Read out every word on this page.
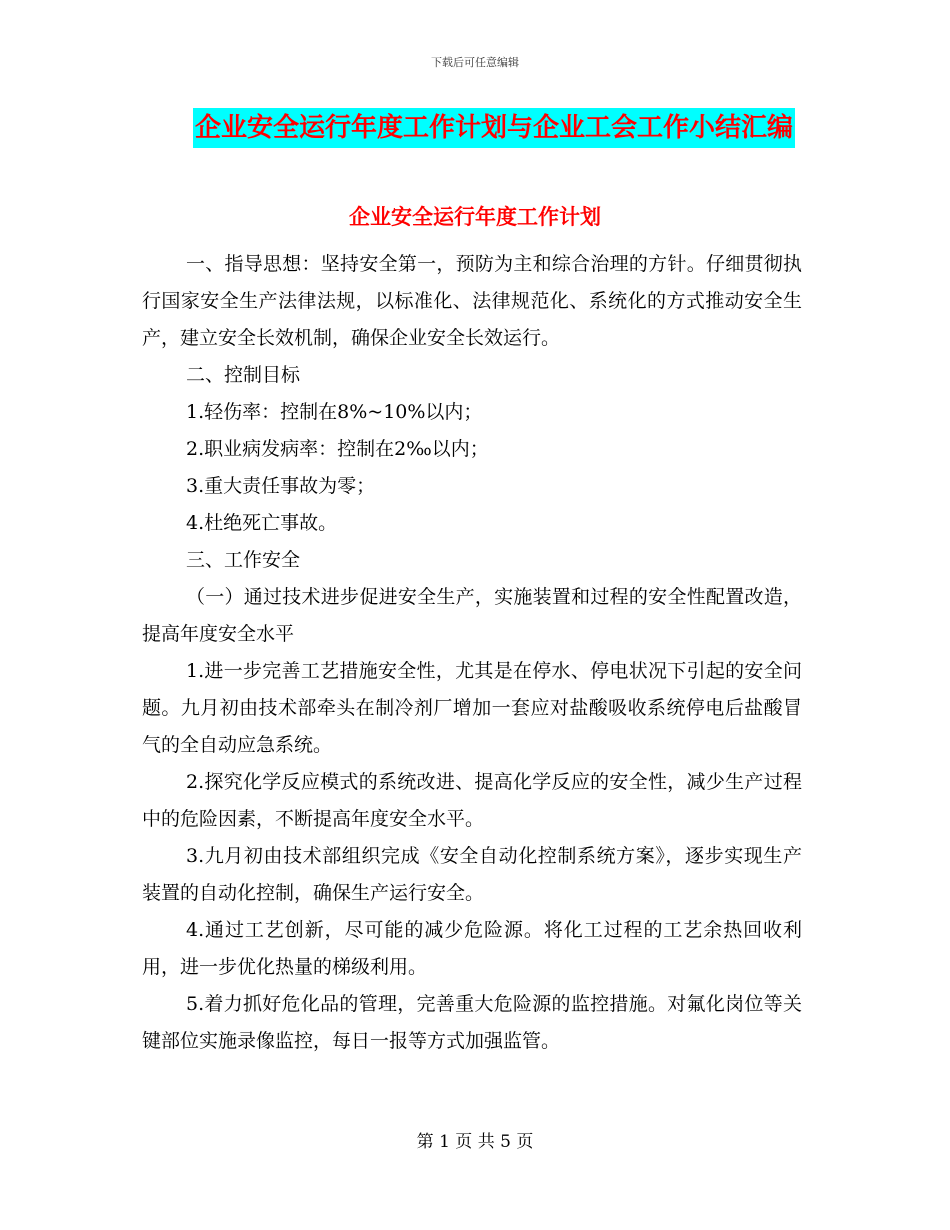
下载后可任意编辑
企业安全运行年度工作计划与企业工会工作小结汇编
企业安全运行年度工作计划

一、指导思想：坚持安全第一，预防为主和综合治理的方针。仔细贯彻执行国家安全生产法律法规，以标准化、法律规范化、系统化的方式推动安全生产，建立安全长效机制，确保企业安全长效运行。

二、控制目标

1.轻伤率：控制在8%~10%以内；

2.职业病发病率：控制在2‰以内；

3.重大责任事故为零；

4.杜绝死亡事故。

三、工作安全

（一）通过技术进步促进安全生产，实施装置和过程的安全性配置改造，提高年度安全水平

1.进一步完善工艺措施安全性，尤其是在停水、停电状况下引起的安全问题。九月初由技术部牵头在制冷剂厂增加一套应对盐酸吸收系统停电后盐酸冒气的全自动应急系统。

2.探究化学反应模式的系统改进、提高化学反应的安全性，减少生产过程中的危险因素，不断提高年度安全水平。

3.九月初由技术部组织完成《安全自动化控制系统方案》，逐步实现生产装置的自动化控制，确保生产运行安全。

4.通过工艺创新，尽可能的减少危险源。将化工过程的工艺余热回收利用，进一步优化热量的梯级利用。

5.着力抓好危化品的管理，完善重大危险源的监控措施。对氟化岗位等关键部位实施录像监控，每日一报等方式加强监管。

第 1 页 共 5 页
